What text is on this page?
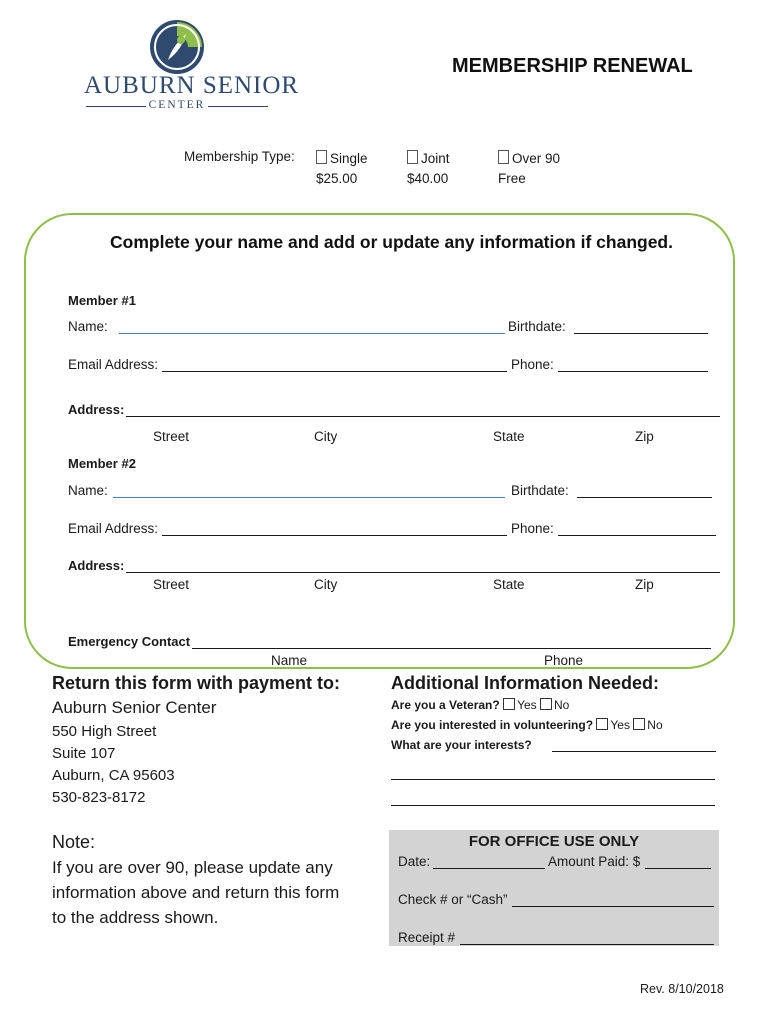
AUBURN SENIOR
CENTER
MEMBERSHIP RENEWAL
Membership Type:	Single
$25.00
Joint
$40.00
Over 90
Free
Complete your name and add or update any information if changed.
Member #1
Name:	Birthdate:
Email Address:	Phone:
Address:
Street	City	State	Zip
Member #2
Name:	Birthdate:
Email Address:	Phone:
Address:
Street	City	State	Zip
Emergency Contact
Name	Phone
Return this form with payment to:
Auburn Senior Center
550 High Street
Suite 107
Auburn, CA 95603
530-823-8172
Note:
If you are over 90, please update any
information above and return this form
to the address shown.
Additional Information Needed:
Are you a Veteran? Yes No
Are you interested in volunteering? Yes No
What are your interests?
FOR OFFICE USE ONLY
Date:	Amount Paid: $
Check # or “Cash”
Receipt #
Rev. 8/10/2018
